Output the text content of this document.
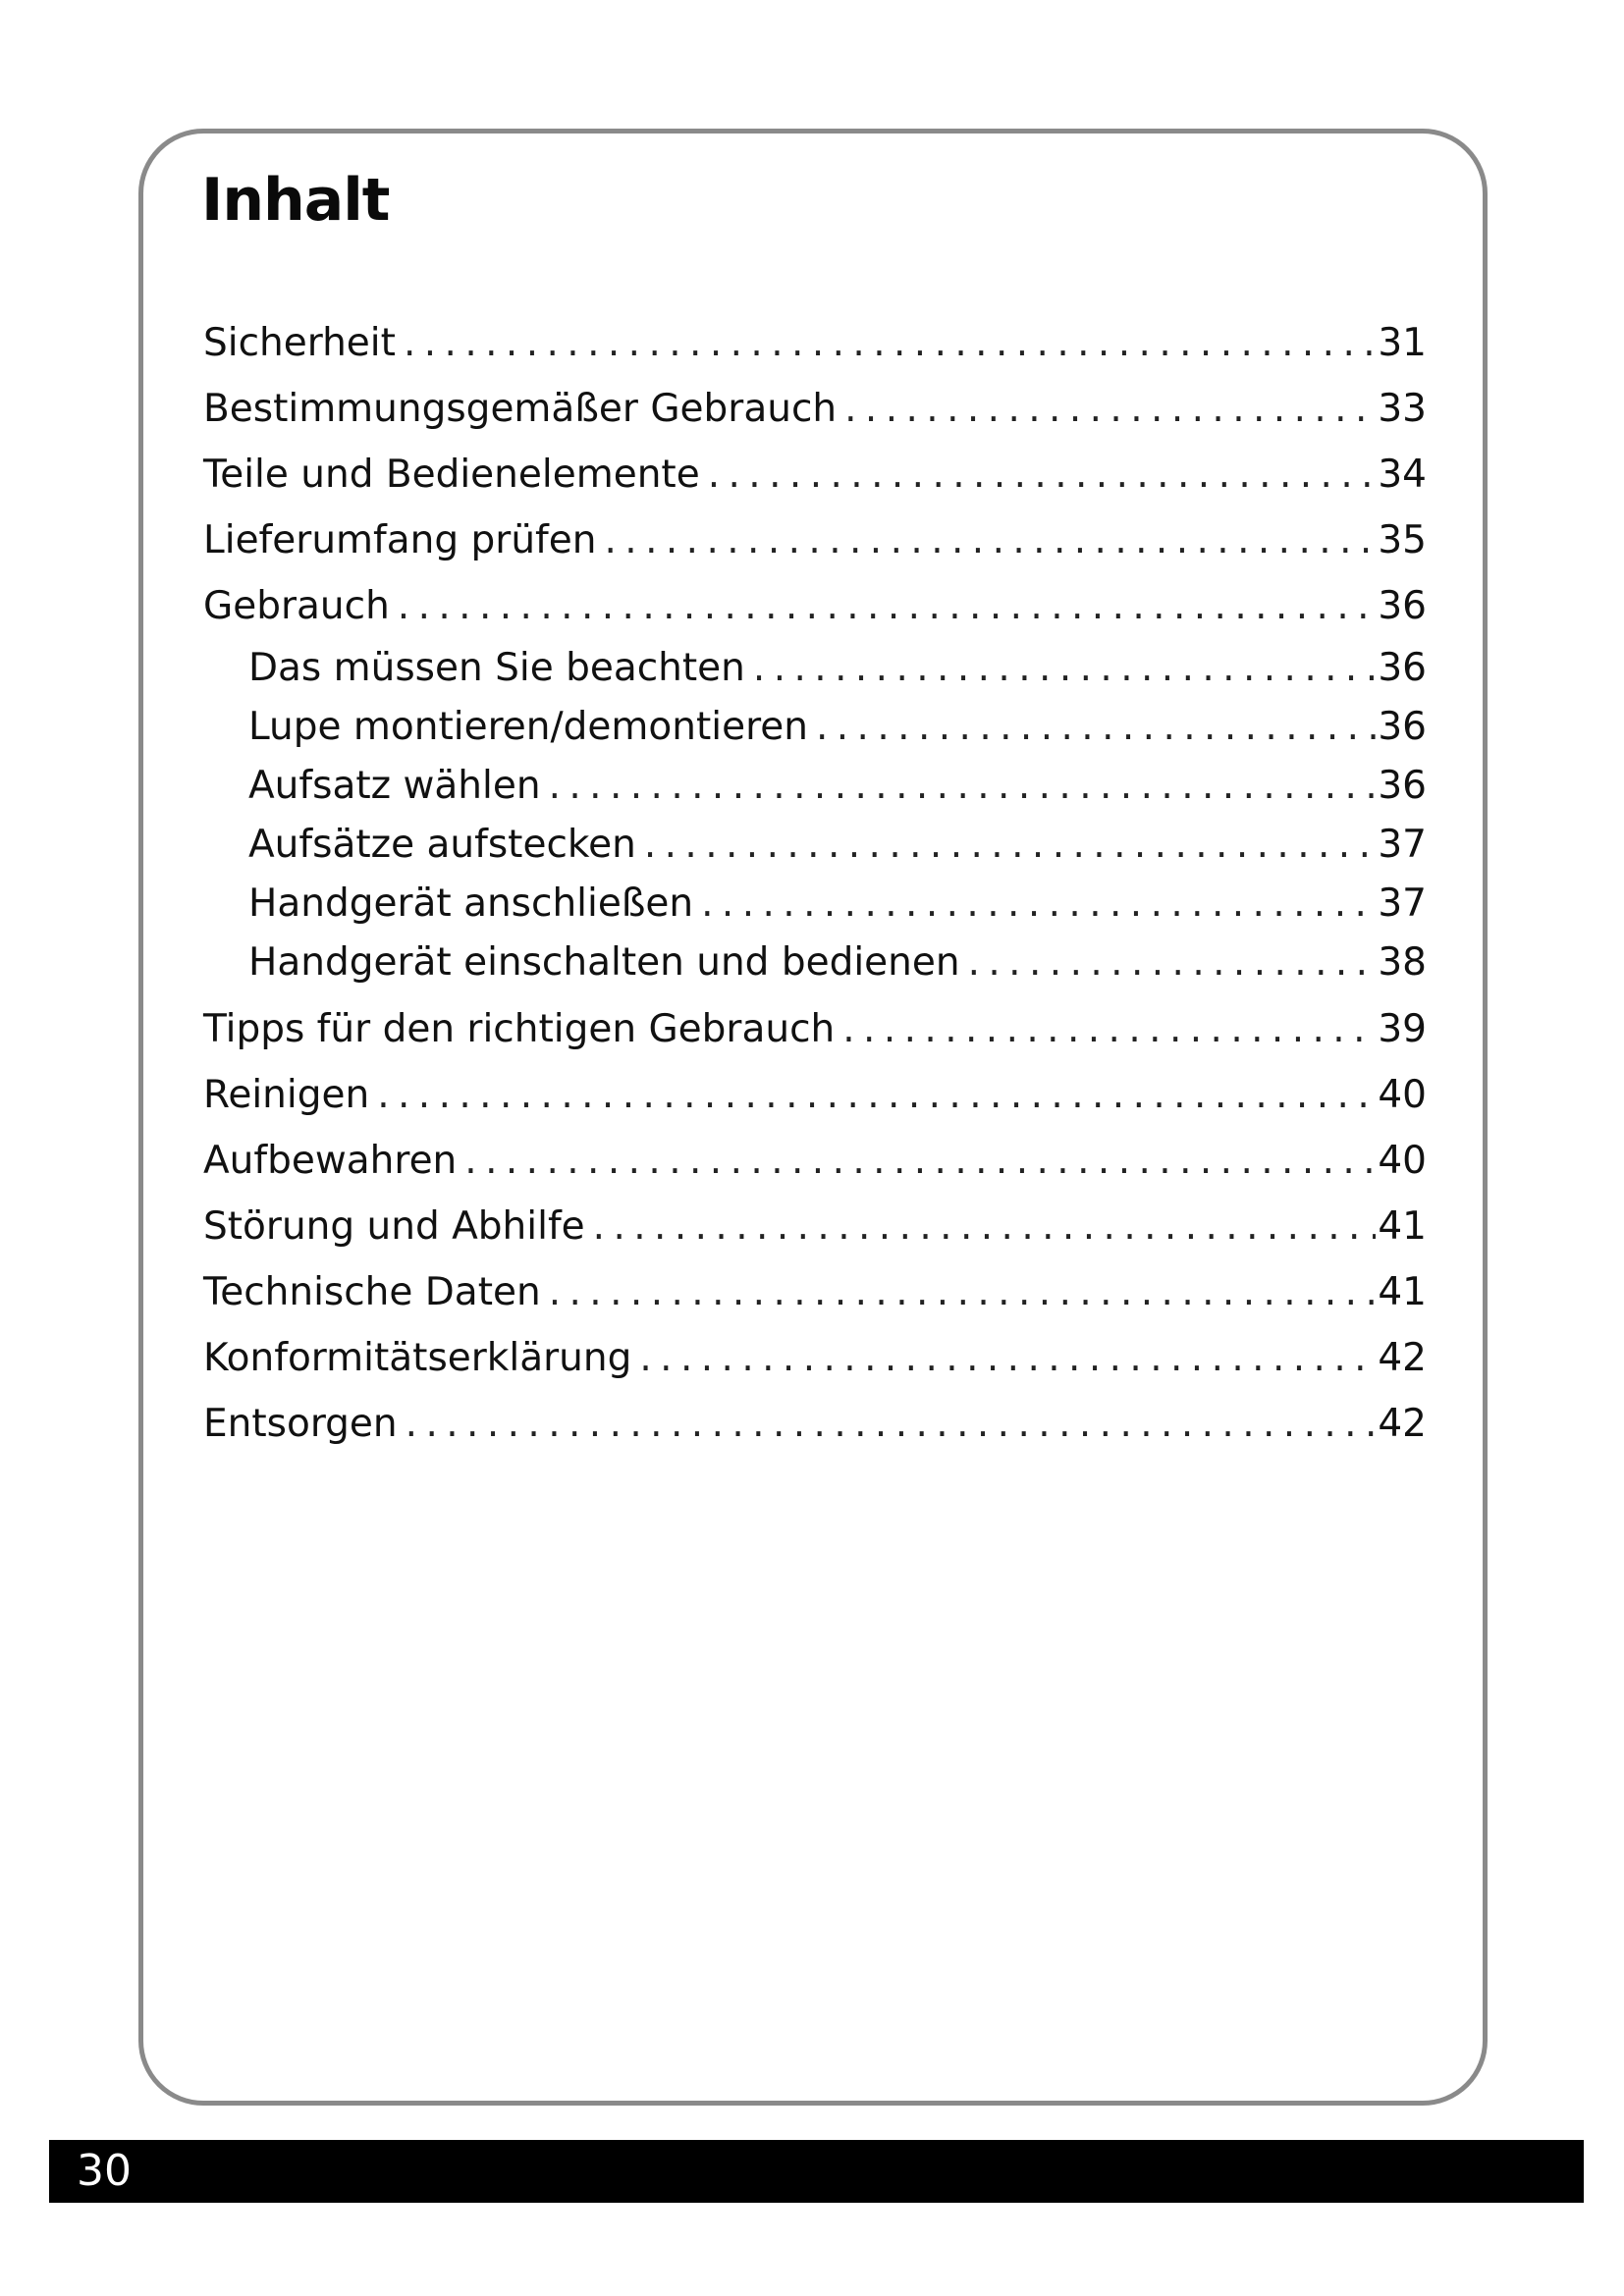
Inhalt
Sicherheit . . .	31
Bestimmungsgemäßer Gebrauch . . .	33
Teile und Bedienelemente . . .	34
Lieferumfang prüfen . . .	35
Gebrauch . . .	36
Das müssen Sie beachten . . .	36
Lupe montieren/demontieren . . .	36
Aufsatz wählen . . .	36
Aufsätze aufstecken . . .	37
Handgerät anschließen . . .	37
Handgerät einschalten und bedienen . . .	38
Tipps für den richtigen Gebrauch . . .	39
Reinigen . . .	40
Aufbewahren . . .	40
Störung und Abhilfe . . .	41
Technische Daten . . .	41
Konformitätserklärung . . .	42
Entsorgen . . .	42
30
